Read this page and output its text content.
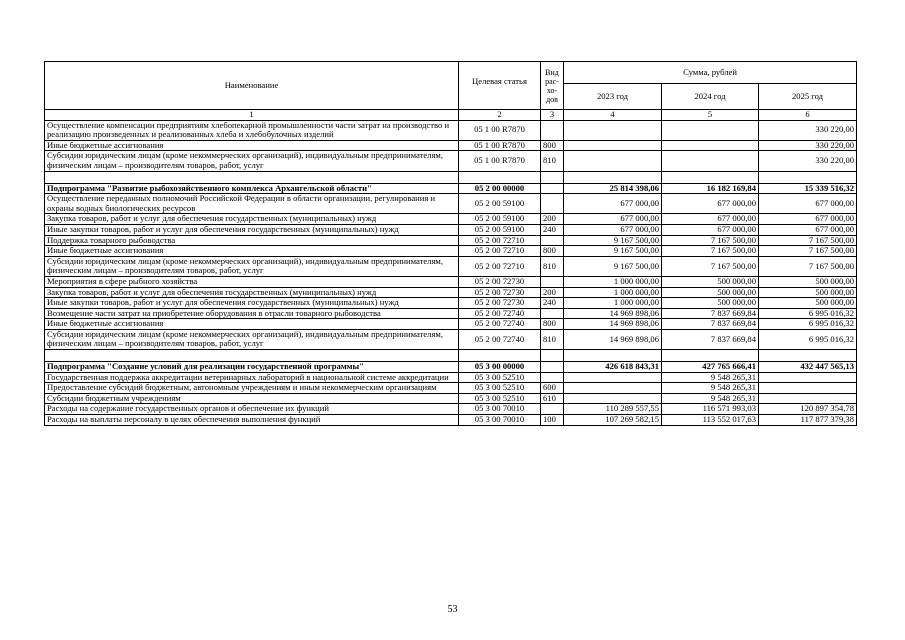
Наименование	Целевая статья	Вид
рас-
хо-
дов	Сумма, рублей		
			2023 год	2024 год	2025 год
1	2	3	4	5	6
Осуществление компенсации предприятиям хлебопекарной промышленности части затрат на производство и реализацию произведенных и реализованных хлеба и хлебобулочных изделий	05 1 00 R7870				330 220,00
Иные бюджетные ассигнования	05 1 00 R7870	800			330 220,00
Субсидии юридическим лицам (кроме некоммерческих организаций), индивидуальным предпринимателям, физическим лицам – производителям товаров, работ, услуг	05 1 00 R7870	810			330 220,00

Подпрограмма "Развитие рыбохозяйственного комплекса Архангельской области"	05 2 00 00000		25 814 398,06	16 182 169,84	15 339 516,32
Осуществление переданных полномочий Российской Федерации в области организации, регулирования и охраны водных биологических ресурсов	05 2 00 59100		677 000,00	677 000,00	677 000,00
Закупка товаров, работ и услуг для обеспечения государственных (муниципальных) нужд	05 2 00 59100	200	677 000,00	677 000,00	677 000,00
Иные закупки товаров, работ и услуг для обеспечения государственных (муниципальных) нужд	05 2 00 59100	240	677 000,00	677 000,00	677 000,00
Поддержка товарного рыбоводства	05 2 00 72710		9 167 500,00	7 167 500,00	7 167 500,00
Иные бюджетные ассигнования	05 2 00 72710	800	9 167 500,00	7 167 500,00	7 167 500,00
Субсидии юридическим лицам (кроме некоммерческих организаций), индивидуальным предпринимателям, физическим лицам – производителям товаров, работ, услуг	05 2 00 72710	810	9 167 500,00	7 167 500,00	7 167 500,00
Мероприятия в сфере рыбного хозяйства	05 2 00 72730		1 000 000,00	500 000,00	500 000,00
Закупка товаров, работ и услуг для обеспечения государственных (муниципальных) нужд	05 2 00 72730	200	1 000 000,00	500 000,00	500 000,00
Иные закупки товаров, работ и услуг для обеспечения государственных (муниципальных) нужд	05 2 00 72730	240	1 000 000,00	500 000,00	500 000,00
Возмещение части затрат на приобретение оборудования в отрасли товарного рыбоводства	05 2 00 72740		14 969 898,06	7 837 669,84	6 995 016,32
Иные бюджетные ассигнования	05 2 00 72740	800	14 969 898,06	7 837 669,84	6 995 016,32
Субсидии юридическим лицам (кроме некоммерческих организаций), индивидуальным предпринимателям, физическим лицам – производителям товаров, работ, услуг	05 2 00 72740	810	14 969 898,06	7 837 669,84	6 995 016,32

Подпрограмма "Создание условий для реализации государственной программы"	05 3 00 00000		426 618 843,31	427 765 666,41	432 447 565,13
Государственная поддержка аккредитации ветеринарных лабораторий в национальной системе аккредитации	05 3 00 52510			9 548 265,31	
Предоставление субсидий бюджетным, автономным учреждениям и иным некоммерческим организациям	05 3 00 52510	600		9 548 265,31	
Субсидии бюджетным учреждениям	05 3 00 52510	610		9 548 265,31	
Расходы на содержание государственных органов и обеспечение их функций	05 3 00 70010		110 289 557,55	116 571 993,03	120 897 354,78
Расходы на выплаты персоналу в целях обеспечения выполнения функций	05 3 00 70010	100	107 269 582,15	113 552 017,63	117 877 379,38
53
